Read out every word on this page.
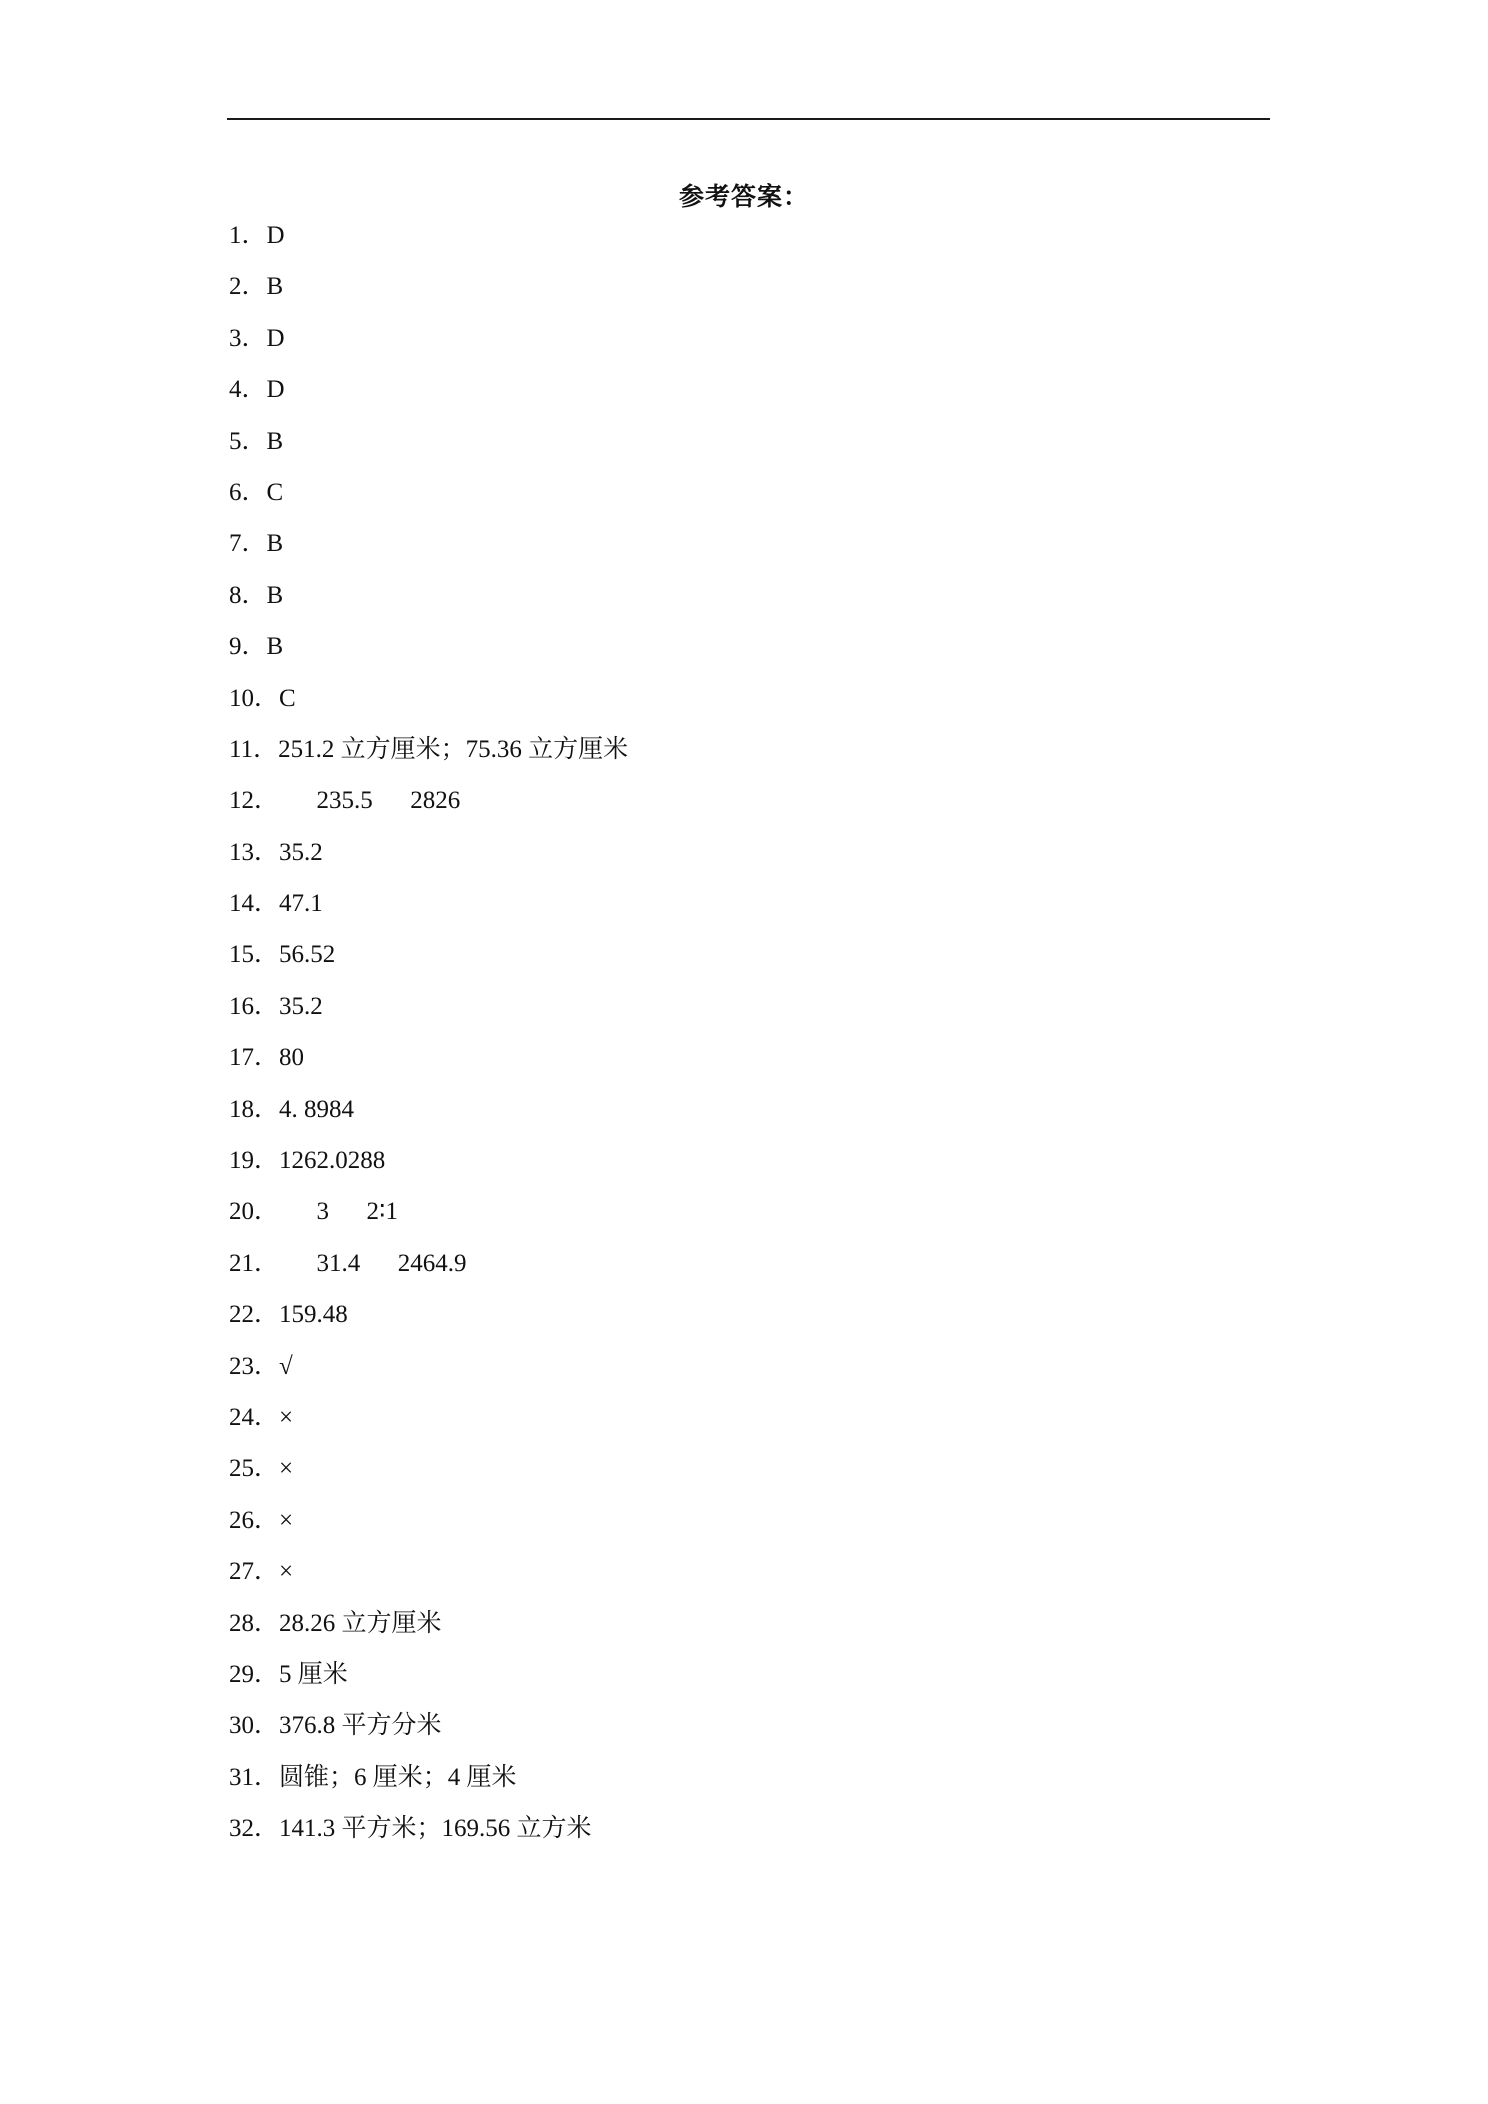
参考答案：
1．D
2．B
3．D
4．D
5．B
6．C
7．B
8．B
9．B
10．C
11．251.2 立方厘米；75.36 立方厘米
12．      235.5      2826
13．35.2
14．47.1
15．56.52
16．35.2
17．80
18．4. 8984
19．1262.0288
20．      3      2∶1
21．      31.4      2464.9
22．159.48
23．√
24．×
25．×
26．×
27．×
28．28.26 立方厘米
29．5 厘米
30．376.8 平方分米
31．圆锥；6 厘米；4 厘米
32．141.3 平方米；169.56 立方米
